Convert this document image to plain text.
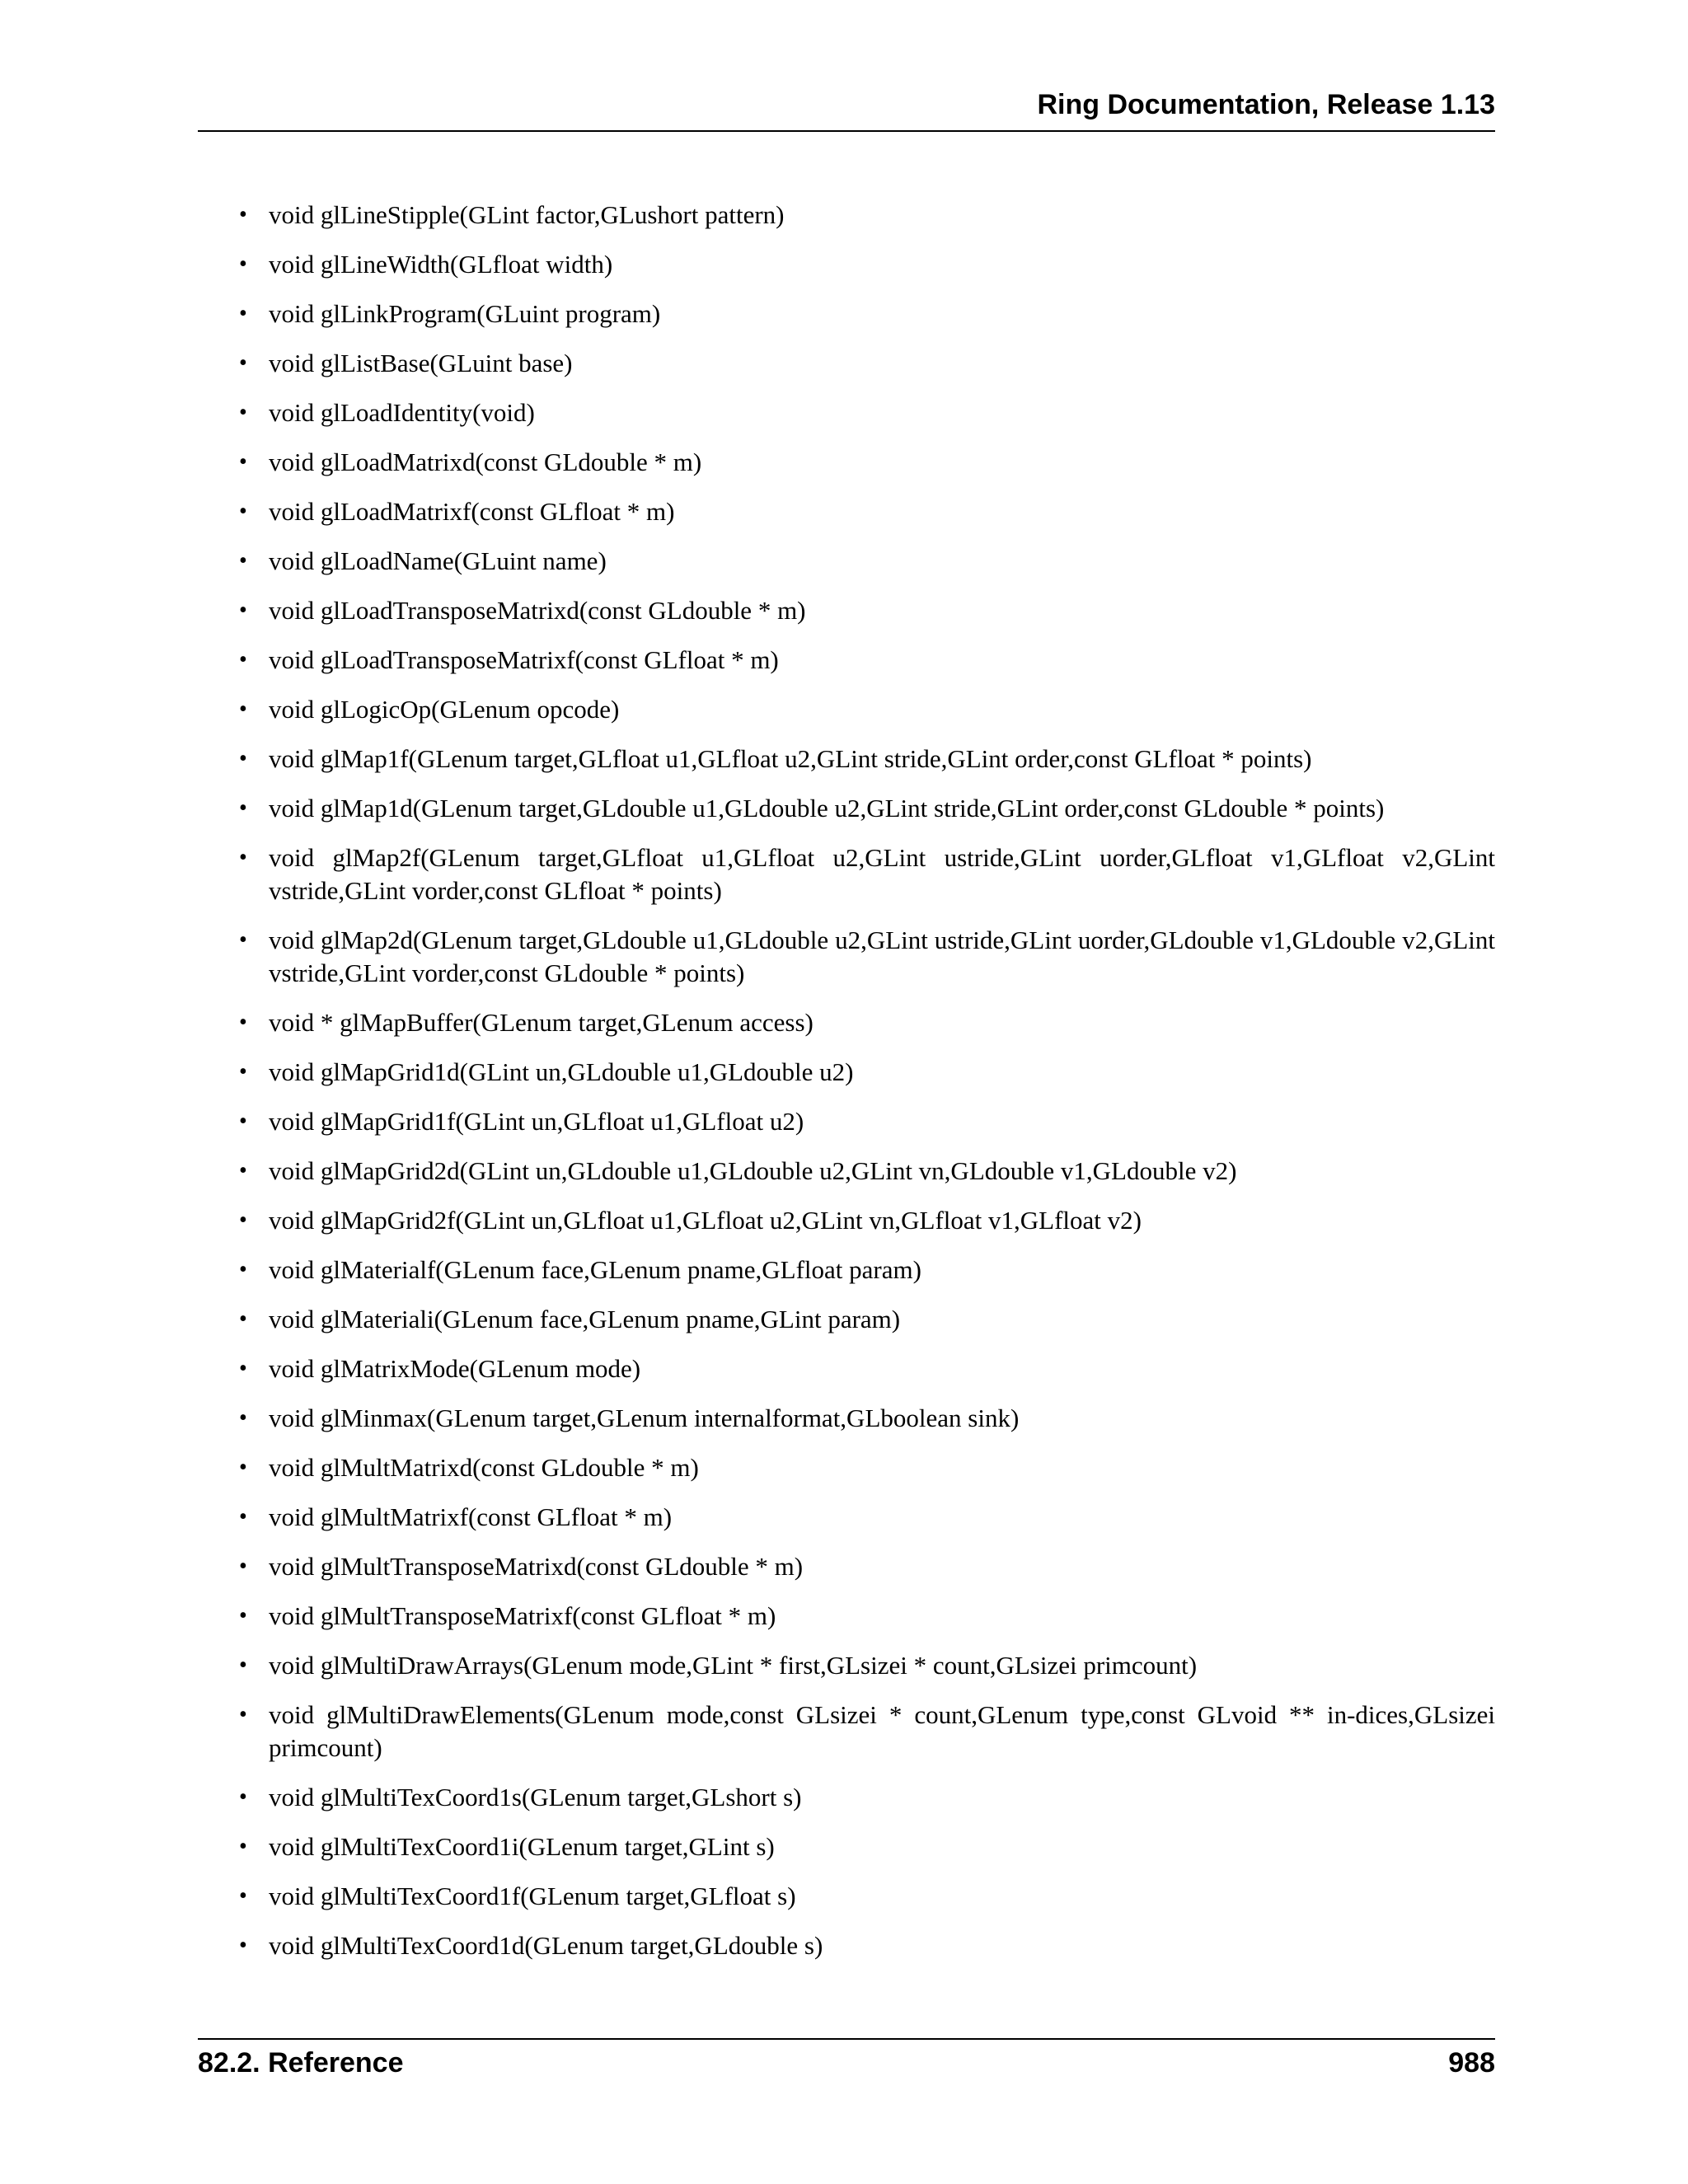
Ring Documentation, Release 1.13
• void glLineStipple(GLint factor,GLushort pattern)
• void glLineWidth(GLfloat width)
• void glLinkProgram(GLuint program)
• void glListBase(GLuint base)
• void glLoadIdentity(void)
• void glLoadMatrixd(const GLdouble * m)
• void glLoadMatrixf(const GLfloat * m)
• void glLoadName(GLuint name)
• void glLoadTransposeMatrixd(const GLdouble * m)
• void glLoadTransposeMatrixf(const GLfloat * m)
• void glLogicOp(GLenum opcode)
• void glMap1f(GLenum target,GLfloat u1,GLfloat u2,GLint stride,GLint order,const GLfloat * points)
• void glMap1d(GLenum target,GLdouble u1,GLdouble u2,GLint stride,GLint order,const GLdouble * points)
• void glMap2f(GLenum target,GLfloat u1,GLfloat u2,GLint ustride,GLint uorder,GLfloat v1,GLfloat v2,GLint vstride,GLint vorder,const GLfloat * points)
• void glMap2d(GLenum target,GLdouble u1,GLdouble u2,GLint ustride,GLint uorder,GLdouble v1,GLdouble v2,GLint vstride,GLint vorder,const GLdouble * points)
• void * glMapBuffer(GLenum target,GLenum access)
• void glMapGrid1d(GLint un,GLdouble u1,GLdouble u2)
• void glMapGrid1f(GLint un,GLfloat u1,GLfloat u2)
• void glMapGrid2d(GLint un,GLdouble u1,GLdouble u2,GLint vn,GLdouble v1,GLdouble v2)
• void glMapGrid2f(GLint un,GLfloat u1,GLfloat u2,GLint vn,GLfloat v1,GLfloat v2)
• void glMaterialf(GLenum face,GLenum pname,GLfloat param)
• void glMateriali(GLenum face,GLenum pname,GLint param)
• void glMatrixMode(GLenum mode)
• void glMinmax(GLenum target,GLenum internalformat,GLboolean sink)
• void glMultMatrixd(const GLdouble * m)
• void glMultMatrixf(const GLfloat * m)
• void glMultTransposeMatrixd(const GLdouble * m)
• void glMultTransposeMatrixf(const GLfloat * m)
• void glMultiDrawArrays(GLenum mode,GLint * first,GLsizei * count,GLsizei primcount)
• void glMultiDrawElements(GLenum mode,const GLsizei * count,GLenum type,const GLvoid ** in-dices,GLsizei primcount)
• void glMultiTexCoord1s(GLenum target,GLshort s)
• void glMultiTexCoord1i(GLenum target,GLint s)
• void glMultiTexCoord1f(GLenum target,GLfloat s)
• void glMultiTexCoord1d(GLenum target,GLdouble s)
82.2. Reference	988
